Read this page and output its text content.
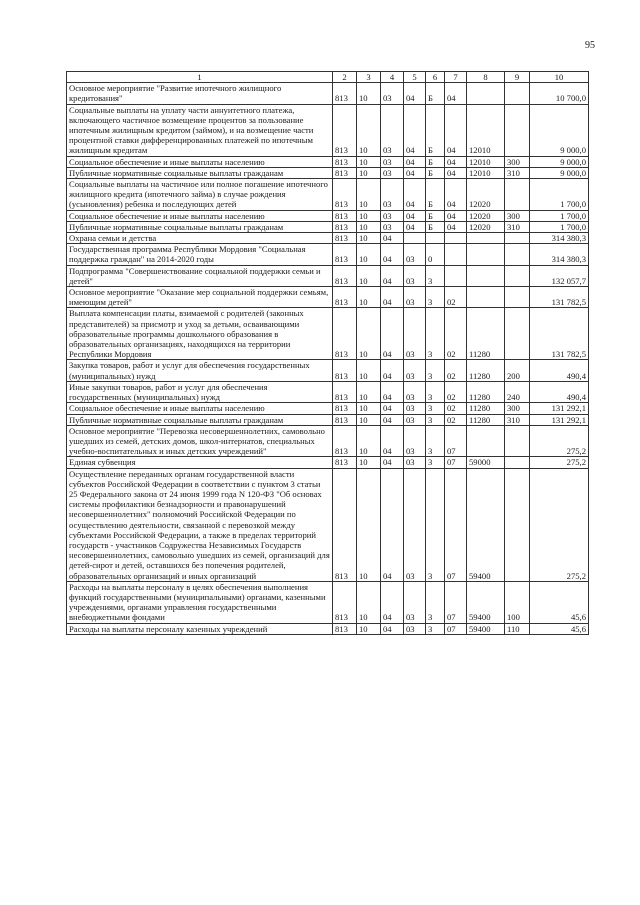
95
1	2	3	4	5	6	7	8	9	10
Основное мероприятие "Развитие ипотечного жилищного кредитования"	813	10	03	04	Б	04			10 700,0
Социальные выплаты на уплату части аннуитетного платежа, включающего частичное возмещение процентов за пользование ипотечным жилищным кредитом (займом), и на возмещение части процентной ставки дифференцированных платежей по ипотечным жилищным кредитам	813	10	03	04	Б	04	12010		9 000,0
Социальное обеспечение и иные выплаты населению	813	10	03	04	Б	04	12010	300	9 000,0
Публичные нормативные социальные выплаты гражданам	813	10	03	04	Б	04	12010	310	9 000,0
Социальные выплаты на частичное или полное погашение ипотечного жилищного кредита (ипотечного займа) в случае рождения (усыновления) ребенка и последующих детей	813	10	03	04	Б	04	12020		1 700,0
Социальное обеспечение и иные выплаты населению	813	10	03	04	Б	04	12020	300	1 700,0
Публичные нормативные социальные выплаты гражданам	813	10	03	04	Б	04	12020	310	1 700,0
Охрана семьи и детства	813	10	04						314 380,3
Государственная программа Республики Мордовия "Социальная поддержка граждан" на 2014-2020 годы	813	10	04	03	0				314 380,3
Подпрограмма "Совершенствование социальной поддержки семьи и детей"	813	10	04	03	3				132 057,7
Основное мероприятие "Оказание мер социальной поддержки семьям, имеющим детей"	813	10	04	03	3	02			131 782,5
Выплата компенсации платы, взимаемой с родителей (законных представителей) за присмотр и уход за детьми, осваивающими образовательные программы дошкольного образования в образовательных организациях, находящихся на территории Республики Мордовия	813	10	04	03	3	02	11280		131 782,5
Закупка товаров, работ и услуг для обеспечения государственных (муниципальных) нужд	813	10	04	03	3	02	11280	200	490,4
Иные закупки товаров, работ и услуг для обеспечения государственных (муниципальных) нужд	813	10	04	03	3	02	11280	240	490,4
Социальное обеспечение и иные выплаты населению	813	10	04	03	3	02	11280	300	131 292,1
Публичные нормативные социальные выплаты гражданам	813	10	04	03	3	02	11280	310	131 292,1
Основное мероприятие "Перевозка несовершеннолетних, самовольно ушедших из семей, детских домов, школ-интернатов, специальных учебно-воспитательных и иных детских учреждений"	813	10	04	03	3	07			275,2
Единая субвенция	813	10	04	03	3	07	59000		275,2
Осуществление переданных органам государственной власти субъектов Российской Федерации в соответствии с пунктом 3 статьи 25 Федерального закона от 24 июня 1999 года N 120-ФЗ "Об основах системы профилактики безнадзорности и правонарушений несовершеннолетних" полномочий Российской Федерации по осуществлению деятельности, связанной с перевозкой между субъектами Российской Федерации, а также в пределах территорий государств - участников Содружества Независимых Государств несовершеннолетних, самовольно ушедших из семей, организаций для детей-сирот и детей, оставшихся без попечения родителей, образовательных организаций и иных организаций	813	10	04	03	3	07	59400		275,2
Расходы на выплаты персоналу в целях обеспечения выполнения функций государственными (муниципальными) органами, казенными учреждениями, органами управления государственными внебюджетными фондами	813	10	04	03	3	07	59400	100	45,6
Расходы на выплаты персоналу казенных учреждений	813	10	04	03	3	07	59400	110	45,6
